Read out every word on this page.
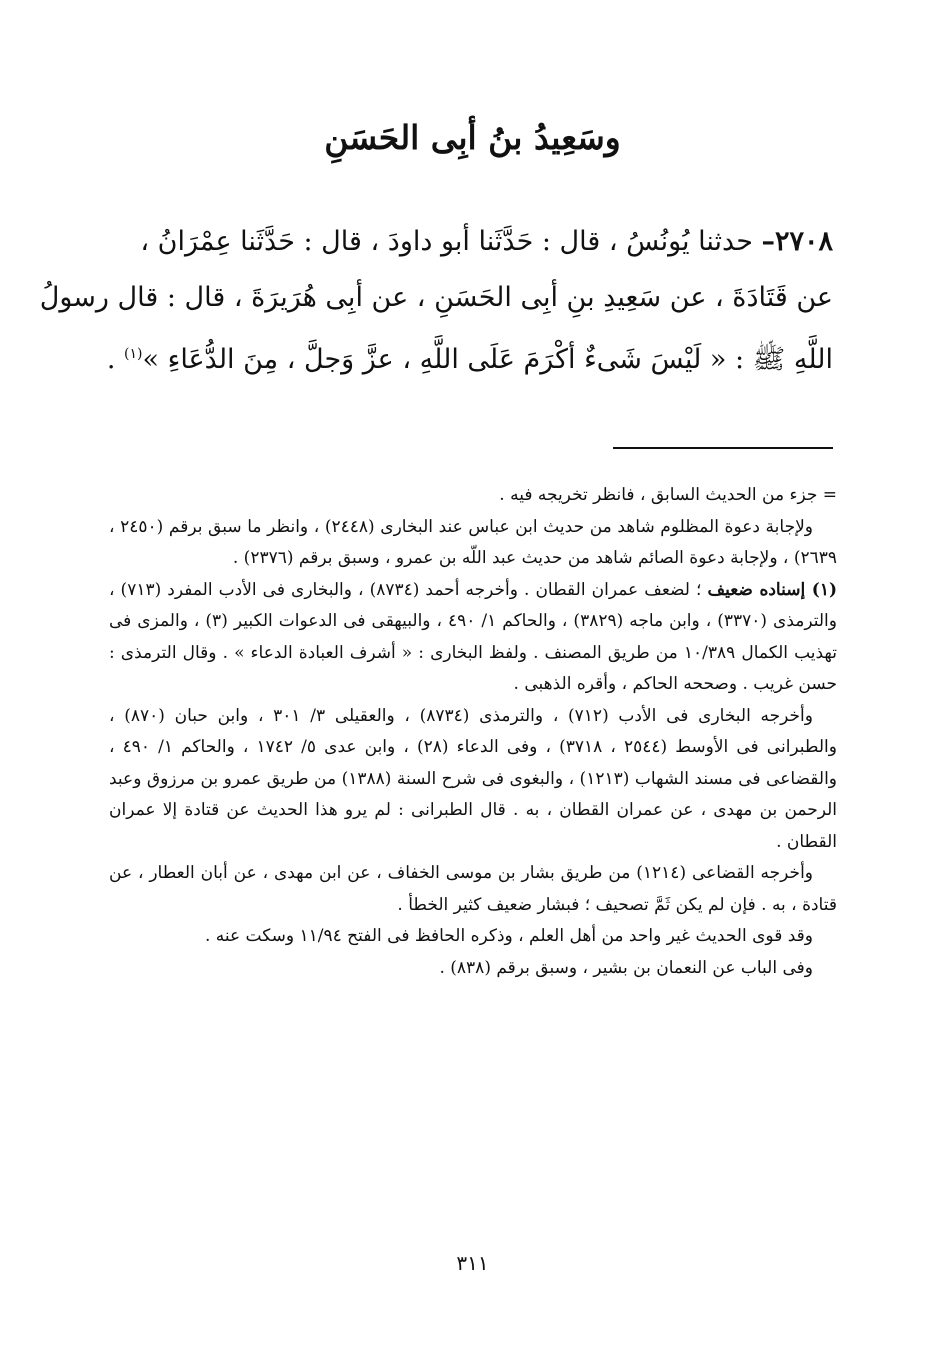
وسَعِيدُ بنُ أبِى الحَسَنِ
٢٧٠٨– حدثنا يُونُسُ ، قال : حَدَّثَنا أبو داودَ ، قال : حَدَّثَنا عِمْرَانُ ،
عن قَتَادَةَ ، عن سَعِيدِ بنِ أبِى الحَسَنِ ، عن أبِى هُرَيرَةَ ، قال : قال رسولُ
اللَّهِ ﷺ : « لَيْسَ شَىءٌ أكْرَمَ عَلَى اللَّهِ ، عزَّ وَجلَّ ، مِنَ الدُّعَاءِ »$^{(١)}$ .

= جزء من الحديث السابق ، فانظر تخريجه فيه .

ولإجابة دعوة المظلوم شاهد من حديث ابن عباس عند البخارى (٢٤٤٨) ، وانظر ما سبق برقم (٢٤٥٠ ، ٢٦٣٩) ، ولإجابة دعوة الصائم شاهد من حديث عبد اللّه بن عمرو ، وسبق برقم (٢٣٧٦) .

(١) إسناده ضعيف ؛ لضعف عمران القطان . وأخرجه أحمد (٨٧٣٤) ، والبخارى فى الأدب المفرد (٧١٣) ، والترمذى (٣٣٧٠) ، وابن ماجه (٣٨٢٩) ، والحاكم ١/ ٤٩٠ ، والبيهقى فى الدعوات الكبير (٣) ، والمزى فى تهذيب الكمال ١٠/٣٨٩ من طريق المصنف . ولفظ البخارى : « أشرف العبادة الدعاء » . وقال الترمذى : حسن غريب . وصححه الحاكم ، وأقره الذهبى .

وأخرجه البخارى فى الأدب (٧١٢) ، والترمذى (٨٧٣٤) ، والعقيلى ٣/ ٣٠١ ، وابن حبان (٨٧٠) ، والطبرانى فى الأوسط (٢٥٤٤ ، ٣٧١٨) ، وفى الدعاء (٢٨) ، وابن عدى ٥/ ١٧٤٢ ، والحاكم ١/ ٤٩٠ ، والقضاعى فى مسند الشهاب (١٢١٣) ، والبغوى فى شرح السنة (١٣٨٨) من طريق عمرو بن مرزوق وعبد الرحمن بن مهدى ، عن عمران القطان ، به . قال الطبرانى : لم يرو هذا الحديث عن قتادة إلا عمران القطان .

وأخرجه القضاعى (١٢١٤) من طريق بشار بن موسى الخفاف ، عن ابن مهدى ، عن أبان العطار ، عن قتادة ، به . فإن لم يكن ثَمَّ تصحيف ؛ فبشار ضعيف كثير الخطأ .

وقد قوى الحديث غير واحد من أهل العلم ، وذكره الحافظ فى الفتح ١١/٩٤ وسكت عنه .

وفى الباب عن النعمان بن بشير ، وسبق برقم (٨٣٨) .

٣١١
